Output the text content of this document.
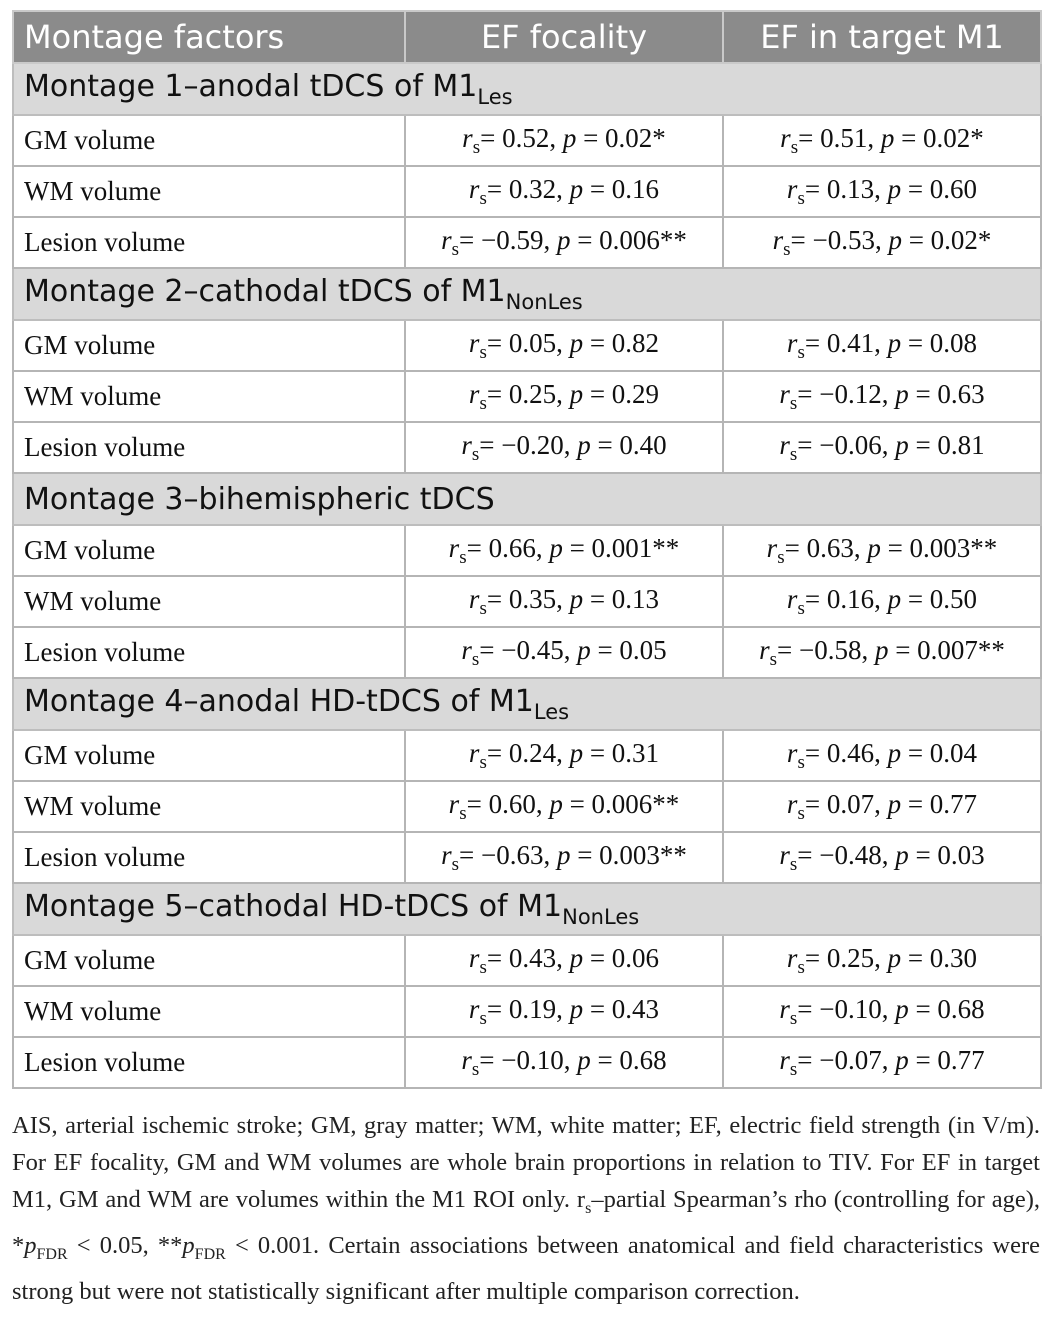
Montage factors	EF focality	EF in target M1
Montage 1–anodal tDCS of $M1_{Les}$
GM volume	$r_s= 0.52$, p = 0.02*	$r_s= 0.51$, p = 0.02*
WM volume	$r_s= 0.32$, p = 0.16	$r_s= 0.13$, p = 0.60
Lesion volume	$r_s= -0.59$, p = 0.006**	$r_s= -0.53$, p = 0.02*
Montage 2–cathodal tDCS of $M1_{NonLes}$
GM volume	$r_s= 0.05$, p = 0.82	$r_s= 0.41$, p = 0.08
WM volume	$r_s= 0.25$, p = 0.29	$r_s= -0.12$, p = 0.63
Lesion volume	$r_s= -0.20$, p = 0.40	$r_s= -0.06$, p = 0.81
Montage 3–bihemispheric tDCS		
GM volume	$r_s= 0.66$, p = 0.001**	$r_s= 0.63$, p = 0.003**
WM volume	$r_s= 0.35$, p = 0.13	$r_s= 0.16$, p = 0.50
Lesion volume	$r_s= -0.45$, p = 0.05	$r_s= -0.58$, p = 0.007**
Montage 4–anodal HD-tDCS of $M1_{Les}$
GM volume	$r_s= 0.24$, p = 0.31	$r_s= 0.46$, p = 0.04
WM volume	$r_s= 0.60$, p = 0.006**	$r_s= 0.07$, p = 0.77
Lesion volume	$r_s= -0.63$, p = 0.003**	$r_s= -0.48$, p = 0.03
Montage 5–cathodal HD-tDCS of $M1_{NonLes}$
GM volume	$r_s= 0.43$, p = 0.06	$r_s= 0.25$, p = 0.30
WM volume	$r_s= 0.19$, p = 0.43	$r_s= -0.10$, p = 0.68
Lesion volume	$r_s= -0.10$, p = 0.68	$r_s= -0.07$, p = 0.77
AIS, arterial ischemic stroke; GM, gray matter; WM, white matter; EF, electric field strength (in V/m). For EF focality, GM and WM volumes are whole brain proportions in relation to TIV. For EF in target M1, GM and WM are volumes within the M1 ROI only. $r_s$–partial Spearman’s rho (controlling for age), $*p_{FDR} < 0.05$, $**p_{FDR} < 0.001$. Certain associations between anatomical and field characteristics were strong but were not statistically significant after multiple comparison correction.
